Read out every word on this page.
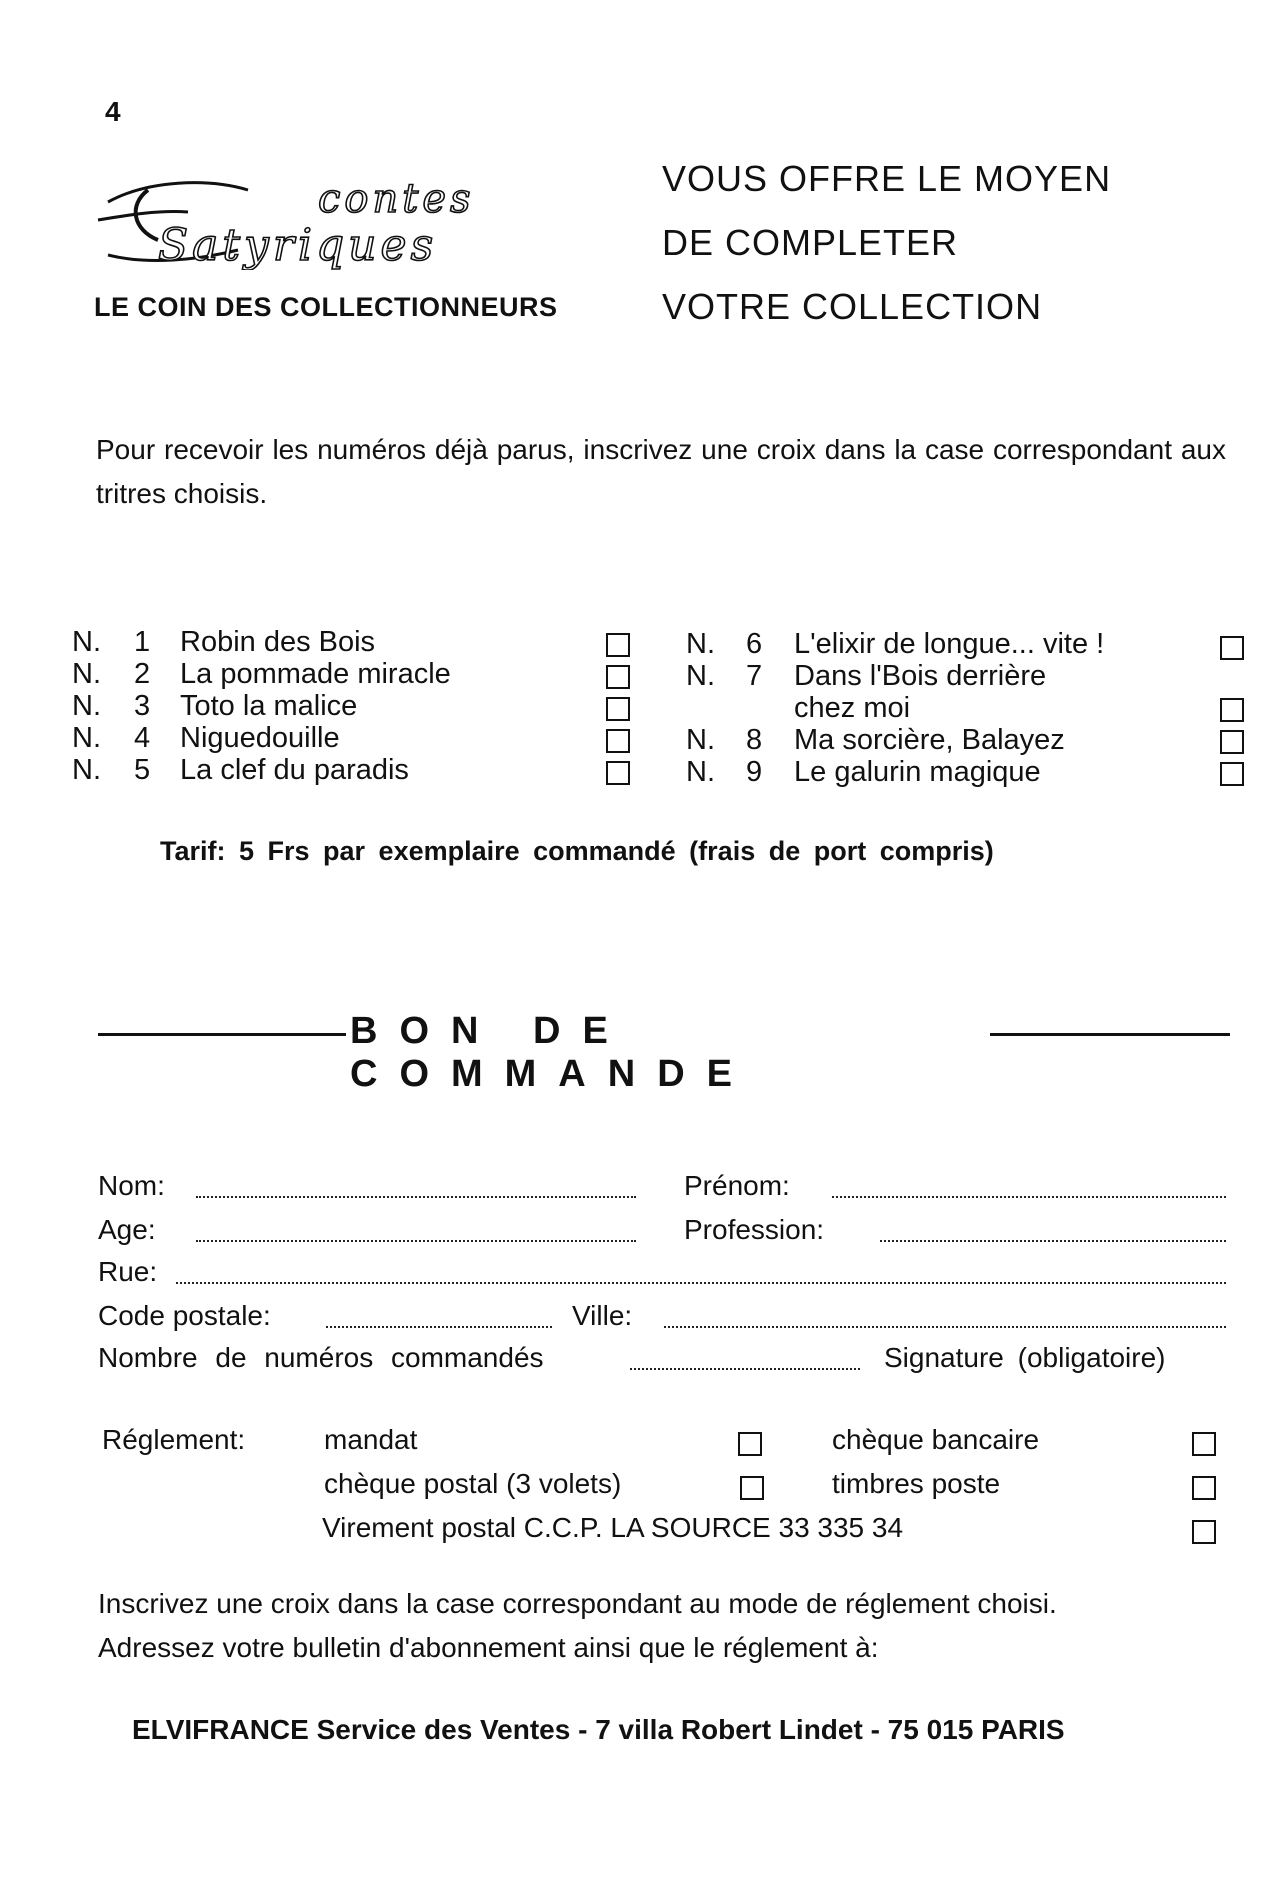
4
contes
Satyriques
VOUS OFFRE LE MOYEN
DE COMPLETER
VOTRE COLLECTION
LE COIN DES COLLECTIONNEURS
Pour recevoir les numéros déjà parus, inscrivez une croix dans la case correspondant aux tritres choisis.
N. 1 Robin des Bois
N. 2 La pommade miracle
N. 3 Toto la malice
N. 4 Niguedouille
N. 5 La clef du paradis
N. 6 L'elixir de longue... vite !
N. 7 Dans l'Bois derrière
chez moi
N. 8 Ma sorcière, Balayez
N. 9 Le galurin magique
Tarif: 5 Frs par exemplaire commandé (frais de port compris)
BON DE COMMANDE
Nom:	Prénom:
Age:	Profession:
Rue:
Code postale:	Ville:
Nombre de numéros commandés	Signature (obligatoire)
Réglement:	mandat	chèque bancaire
chèque postal (3 volets)	timbres poste
Virement postal C.C.P. LA SOURCE 33 335 34
Inscrivez une croix dans la case correspondant au mode de réglement choisi.
Adressez votre bulletin d'abonnement ainsi que le réglement à:
ELVIFRANCE Service des Ventes - 7 villa Robert Lindet - 75 015 PARIS
